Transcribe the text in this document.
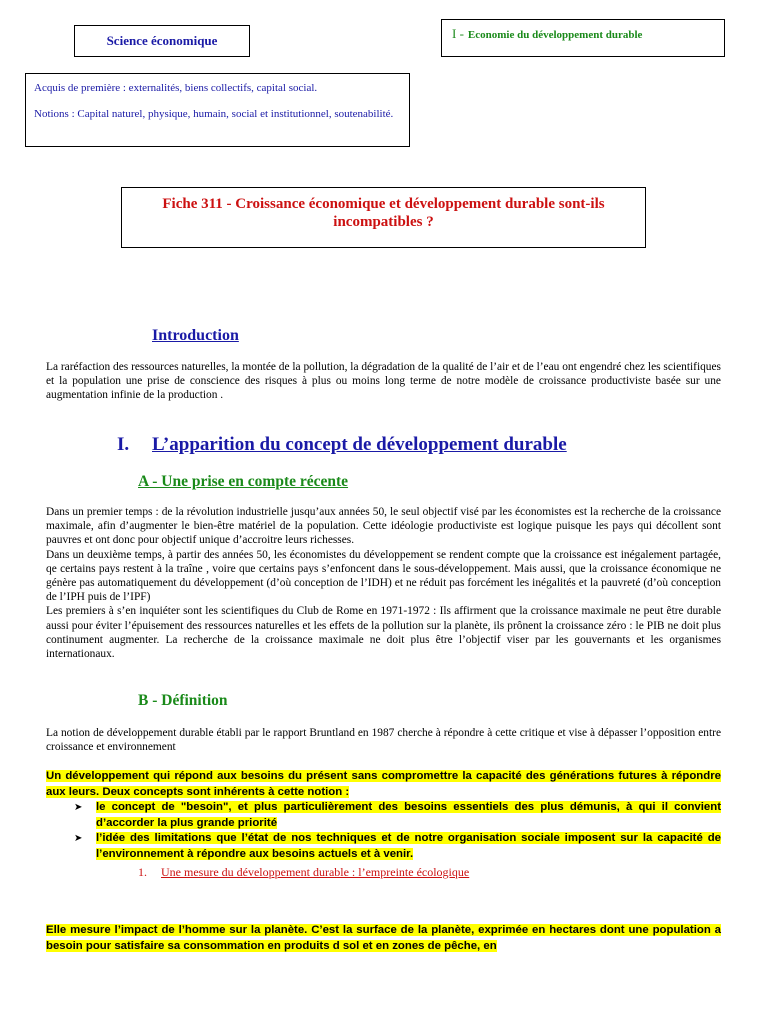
Science économique	I - Economie du développement durable

Acquis de première : externalités, biens collectifs, capital social.

Notions : Capital naturel, physique, humain, social et institutionnel, soutenabilité.

Fiche 311 - Croissance économique et développement durable sont-ils incompatibles ?
Introduction
La raréfaction des ressources naturelles, la montée de la pollution, la dégradation de la qualité de l’air et de l’eau ont engendré chez les scientifiques et la population une prise de conscience des risques à plus ou moins long terme de notre modèle de croissance productiviste basée sur une augmentation infinie de la production .
I. L’apparition du concept de développement durable
A - Une prise en compte récente
Dans un premier temps : de la révolution industrielle jusqu’aux années 50, le seul objectif visé par les économistes est la recherche de la croissance maximale, afin d’augmenter le bien-être matériel de la population. Cette idéologie productiviste est logique puisque les pays qui décollent sont pauvres et ont donc pour objectif unique d’accroitre leurs richesses.
Dans un deuxième temps, à partir des années 50, les économistes du développement se rendent compte que la croissance est inégalement partagée, qe certains pays restent à la traîne , voire que certains pays s’enfoncent dans le sous-développement. Mais aussi, que la croissance économique ne génère pas automatiquement du développement (d’où conception de l’IDH) et ne réduit pas forcément les inégalités et la pauvreté (d’où conception de l’IPH puis de l’IPF)
Les premiers à s’en inquiéter sont les scientifiques du Club de Rome en 1971-1972 : Ils affirment que la croissance maximale ne peut être durable aussi pour éviter l’épuisement des ressources naturelles et les effets de la pollution sur la planète, ils prônent la croissance zéro : le PIB ne doit plus continument augmenter. La recherche de la croissance maximale ne doit plus être l’objectif viser par les gouvernants et les organismes internationaux.
B - Définition
La notion de développement durable établi par le rapport Bruntland en 1987 cherche à répondre à cette critique et vise à dépasser l’opposition entre croissance et environnement
Un développement qui répond aux besoins du présent sans compromettre la capacité des générations futures à répondre aux leurs. Deux concepts sont inhérents à cette notion :
➤ le concept de "besoin", et plus particulièrement des besoins essentiels des plus démunis, à qui il convient d’accorder la plus grande priorité
➤ l’idée des limitations que l’état de nos techniques et de notre organisation sociale imposent sur la capacité de l’environnement à répondre aux besoins actuels et à venir.
1. Une mesure du développement durable : l’empreinte écologique
Elle mesure l’impact de l’homme sur la planète. C’est la surface de la planète, exprimée en hectares dont une population a besoin pour satisfaire sa consommation en produits d sol et en zones de pêche, en
